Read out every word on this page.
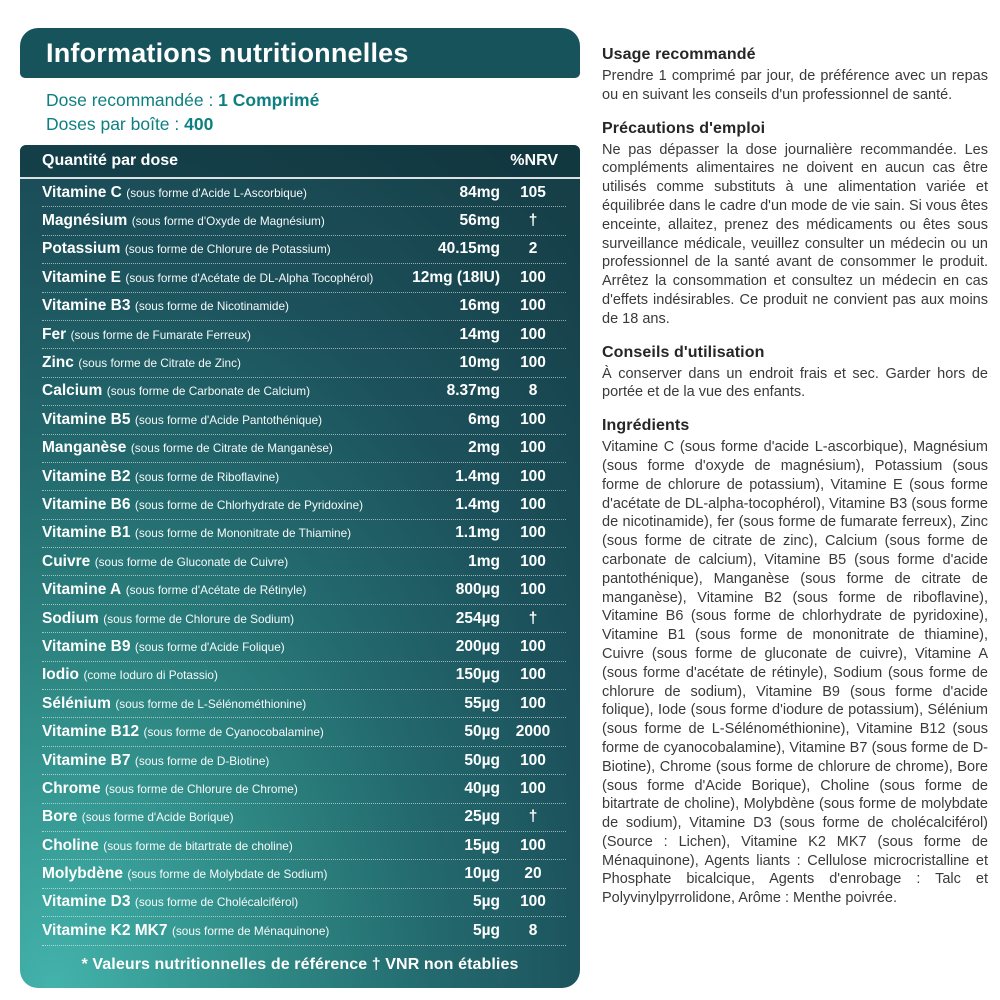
Informations nutritionnelles
Dose recommandée : 1 Comprimé
Doses par boîte : 400
Quantité par dose	%NRV
Vitamine C (sous forme d'Acide L-Ascorbique)	84mg	105
Magnésium (sous forme d'Oxyde de Magnésium)	56mg	†
Potassium (sous forme de Chlorure de Potassium)	40.15mg	2
Vitamine E (sous forme d'Acétate de DL-Alpha Tocophérol)	12mg (18IU)	100
Vitamine B3 (sous forme de Nicotinamide)	16mg	100
Fer (sous forme de Fumarate Ferreux)	14mg	100
Zinc (sous forme de Citrate de Zinc)	10mg	100
Calcium (sous forme de Carbonate de Calcium)	8.37mg	8
Vitamine B5 (sous forme d'Acide Pantothénique)	6mg	100
Manganèse (sous forme de Citrate de Manganèse)	2mg	100
Vitamine B2 (sous forme de Riboflavine)	1.4mg	100
Vitamine B6 (sous forme de Chlorhydrate de Pyridoxine)	1.4mg	100
Vitamine B1 (sous forme de Mononitrate de Thiamine)	1.1mg	100
Cuivre (sous forme de Gluconate de Cuivre)	1mg	100
Vitamine A (sous forme d'Acétate de Rétinyle)	800µg	100
Sodium (sous forme de Chlorure de Sodium)	254µg	†
Vitamine B9 (sous forme d'Acide Folique)	200µg	100
Iodio (come Ioduro di Potassio)	150µg	100
Sélénium (sous forme de L-Sélénométhionine)	55µg	100
Vitamine B12 (sous forme de Cyanocobalamine)	50µg	2000
Vitamine B7 (sous forme de D-Biotine)	50µg	100
Chrome (sous forme de Chlorure de Chrome)	40µg	100
Bore (sous forme d'Acide Borique)	25µg	†
Choline (sous forme de bitartrate de choline)	15µg	100
Molybdène (sous forme de Molybdate de Sodium)	10µg	20
Vitamine D3 (sous forme de Cholécalciférol)	5µg	100
Vitamine K2 MK7 (sous forme de Ménaquinone)	5µg	8
* Valeurs nutritionnelles de référence † VNR non établies
Usage recommandé

Prendre 1 comprimé par jour, de préférence avec un repas ou en suivant les conseils d'un professionnel de santé.

Précautions d'emploi

Ne pas dépasser la dose journalière recommandée. Les compléments alimentaires ne doivent en aucun cas être utilisés comme substituts à une alimentation variée et équilibrée dans le cadre d'un mode de vie sain. Si vous êtes enceinte, allaitez, prenez des médicaments ou êtes sous surveillance médicale, veuillez consulter un médecin ou un professionnel de la santé avant de consommer le produit. Arrêtez la consommation et consultez un médecin en cas d'effets indésirables. Ce produit ne convient pas aux moins de 18 ans.

Conseils d'utilisation

À conserver dans un endroit frais et sec. Garder hors de portée et de la vue des enfants.

Ingrédients

Vitamine C (sous forme d'acide L-ascorbique), Magnésium (sous forme d'oxyde de magnésium), Potassium (sous forme de chlorure de potassium), Vitamine E (sous forme d'acétate de DL-alpha-tocophérol), Vitamine B3 (sous forme de nicotinamide), fer (sous forme de fumarate ferreux), Zinc (sous forme de citrate de zinc), Calcium (sous forme de carbonate de calcium), Vitamine B5 (sous forme d'acide pantothénique), Manganèse (sous forme de citrate de manganèse), Vitamine B2 (sous forme de riboflavine), Vitamine B6 (sous forme de chlorhydrate de pyridoxine), Vitamine B1 (sous forme de mononitrate de thiamine), Cuivre (sous forme de gluconate de cuivre), Vitamine A (sous forme d'acétate de rétinyle), Sodium (sous forme de chlorure de sodium), Vitamine B9 (sous forme d'acide folique), Iode (sous forme d'iodure de potassium), Sélénium (sous forme de L-Sélénométhionine), Vitamine B12 (sous forme de cyanocobalamine), Vitamine B7 (sous forme de D-Biotine), Chrome (sous forme de chlorure de chrome), Bore (sous forme d'Acide Borique), Choline (sous forme de bitartrate de choline), Molybdène (sous forme de molybdate de sodium), Vitamine D3 (sous forme de cholécalciférol) (Source : Lichen), Vitamine K2 MK7 (sous forme de Ménaquinone), Agents liants : Cellulose microcristalline et Phosphate bicalcique, Agents d'enrobage : Talc et Polyvinylpyrrolidone, Arôme : Menthe poivrée.
